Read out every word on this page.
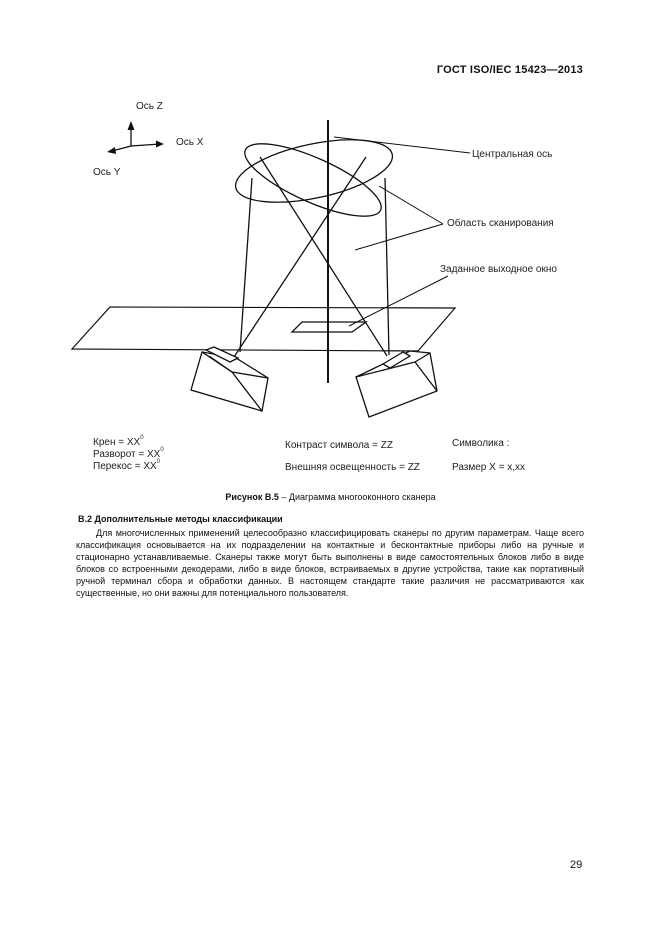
ГОСТ ISO/IEC 15423—2013
Ось Z
Ось X
Ось Y
Центральная ось
Область сканирования
Заданное выходное окно
Крен = $XX^0$
Разворот = $XX^0$
Перекос = $XX^0$
Контраст символа = ZZ
Внешняя освещенность = ZZ
Символика :
Размер X = x,xx
Рисунок B.5 – Диаграмма многооконного сканера
B.2 Дополнительные методы классификации
Для многочисленных применений целесообразно классифицировать сканеры по другим параметрам. Чаще всего классификация основывается на их подразделении на контактные и бесконтактные приборы либо на ручные и стационарно устанавливаемые. Сканеры также могут быть выполнены в виде самостоятельных блоков либо в виде блоков со встроенными декодерами, либо в виде блоков, встраиваемых в другие устройства, такие как портативный ручной терминал сбора и обработки данных. В настоящем стандарте такие различия не рассматриваются как существенные, но они важны для потенциального пользователя.
29
